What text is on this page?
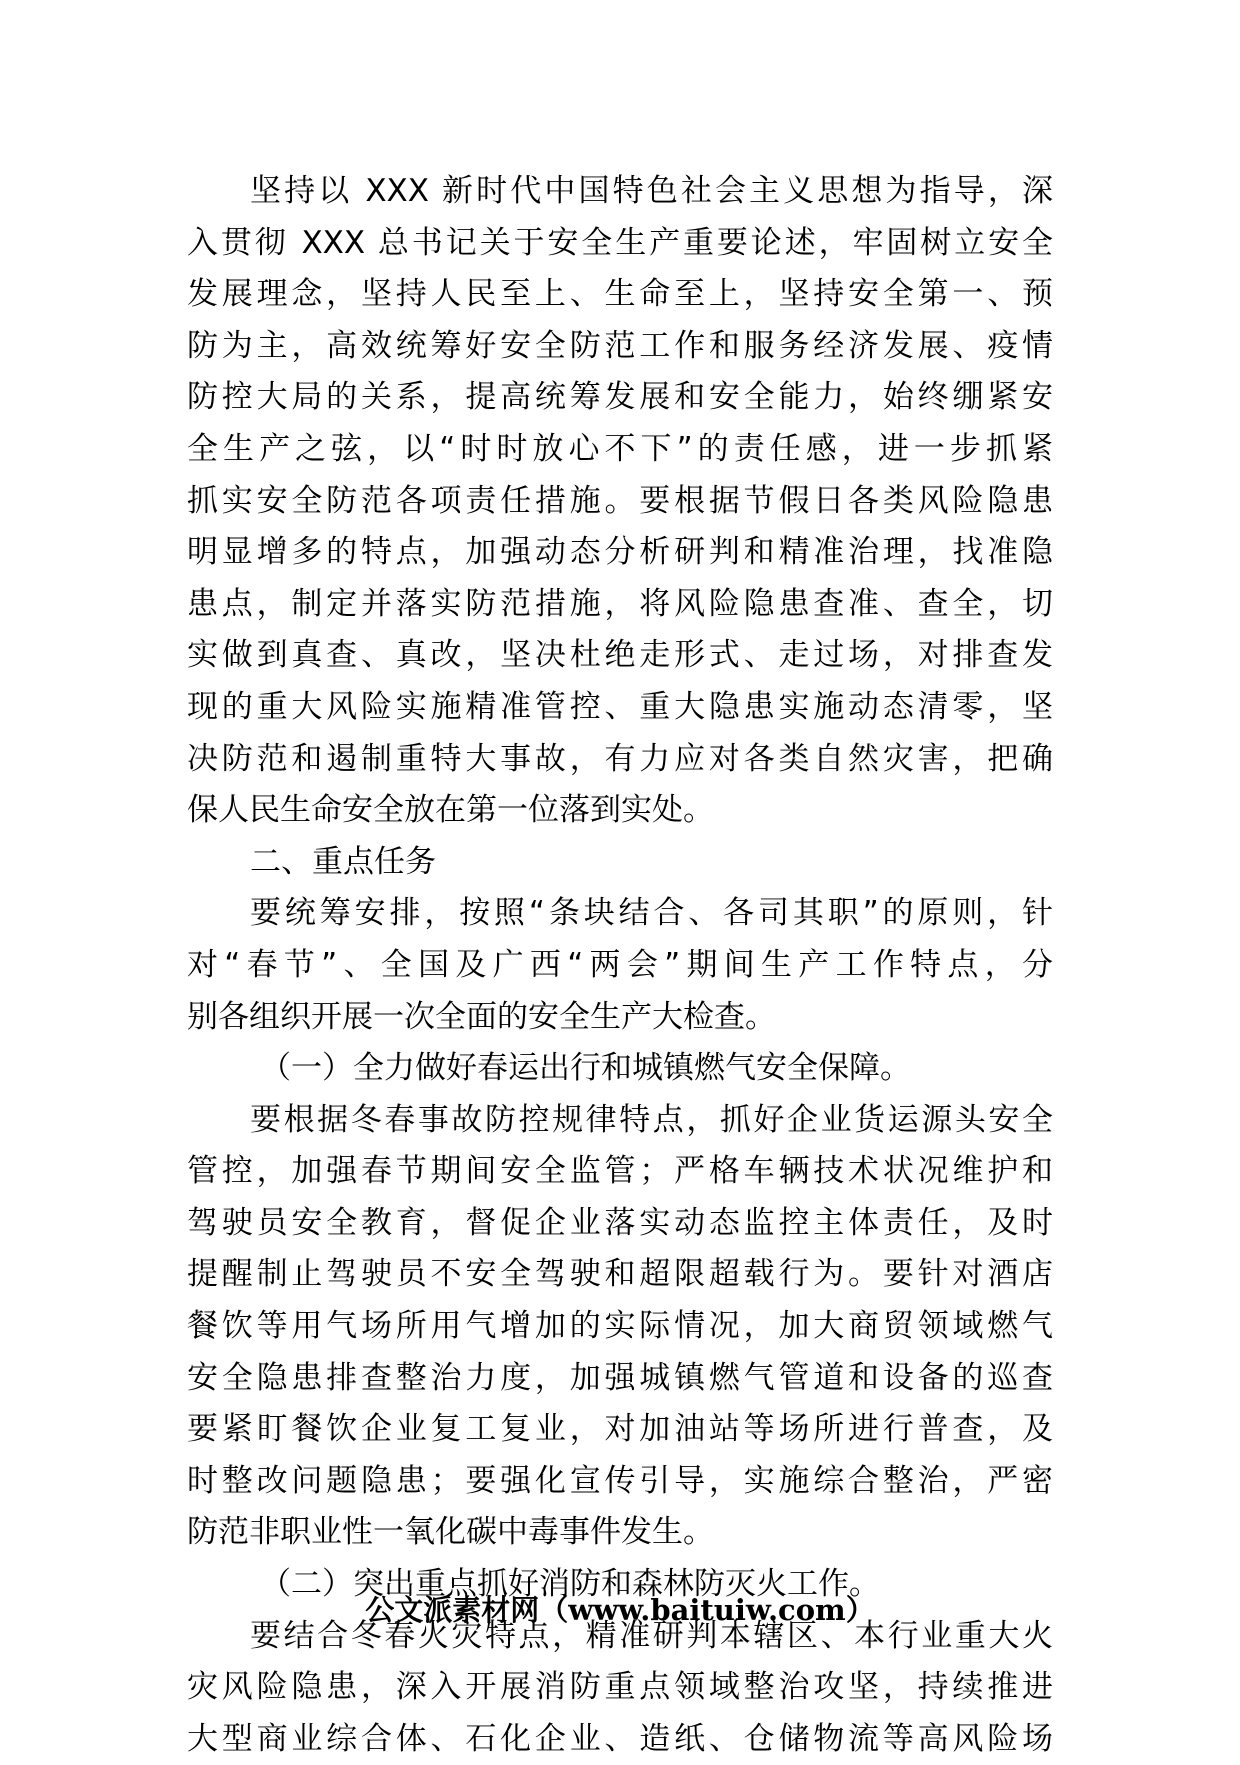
坚持以 XXX 新时代中国特色社会主义思想为指导，深
入贯彻 XXX 总书记关于安全生产重要论述，牢固树立安全
发展理念，坚持人民至上、生命至上，坚持安全第一、预
防为主，高效统筹好安全防范工作和服务经济发展、疫情
防控大局的关系，提高统筹发展和安全能力，始终绷紧安
全生产之弦，以“时时放心不下”的责任感，进一步抓紧
抓实安全防范各项责任措施。要根据节假日各类风险隐患
明显增多的特点，加强动态分析研判和精准治理，找准隐
患点，制定并落实防范措施，将风险隐患查准、查全，切
实做到真查、真改，坚决杜绝走形式、走过场，对排查发
现的重大风险实施精准管控、重大隐患实施动态清零，坚
决防范和遏制重特大事故，有力应对各类自然灾害，把确
保人民生命安全放在第一位落到实处。
二、重点任务
要统筹安排，按照“条块结合、各司其职”的原则，针
对“春节”、全国及广西“两会”期间生产工作特点，分
别各组织开展一次全面的安全生产大检查。
（一）全力做好春运出行和城镇燃气安全保障。
要根据冬春事故防控规律特点，抓好企业货运源头安全
管控，加强春节期间安全监管；严格车辆技术状况维护和
驾驶员安全教育，督促企业落实动态监控主体责任，及时
提醒制止驾驶员不安全驾驶和超限超载行为。要针对酒店
餐饮等用气场所用气增加的实际情况，加大商贸领域燃气
安全隐患排查整治力度，加强城镇燃气管道和设备的巡查
要紧盯餐饮企业复工复业，对加油站等场所进行普查，及
时整改问题隐患；要强化宣传引导，实施综合整治，严密
防范非职业性一氧化碳中毒事件发生。
（二）突出重点抓好消防和森林防灭火工作。
要结合冬春火灾特点，精准研判本辖区、本行业重大火
灾风险隐患，深入开展消防重点领域整治攻坚，持续推进
大型商业综合体、石化企业、造纸、仓储物流等高风险场
公文派素材网（www.baituiw.com）
